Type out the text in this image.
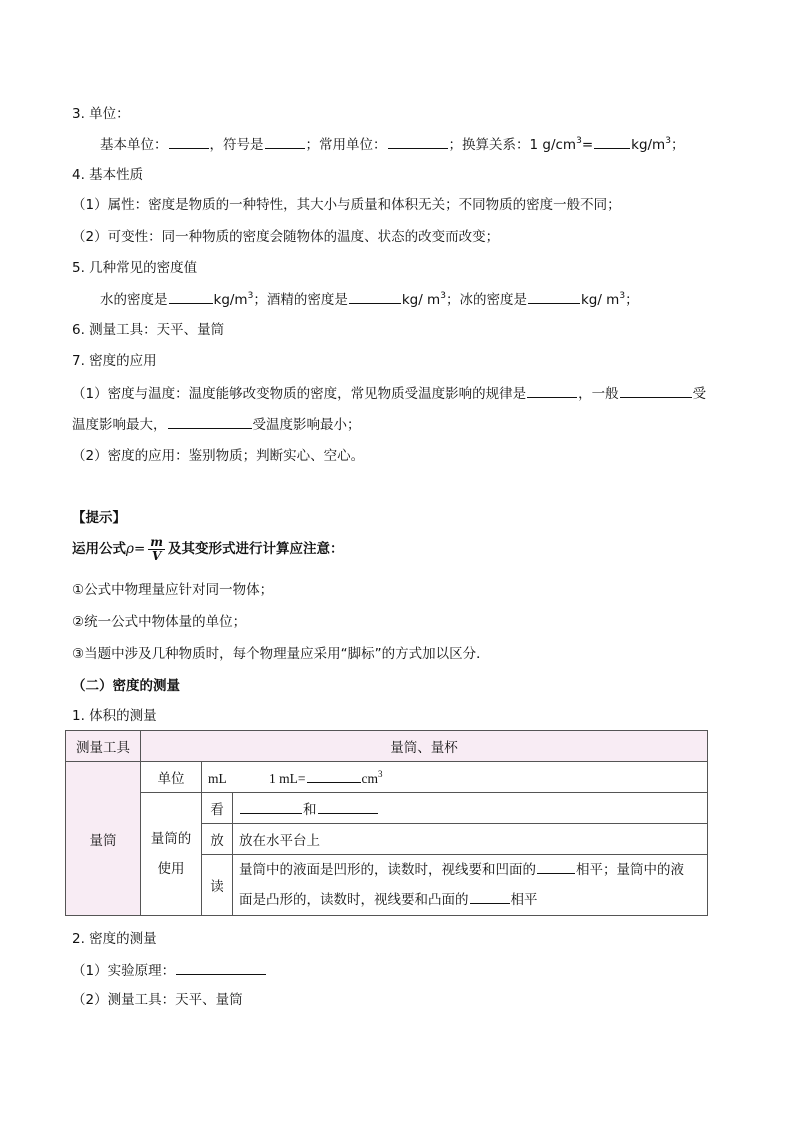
3. 单位：
基本单位：	，符号是	；常用单位：	；换算关系：1 $g/cm^3=$	$kg/m^3$；
4. 基本性质
（1）属性：密度是物质的一种特性，其大小与质量和体积无关；不同物质的密度一般不同；
（2）可变性：同一种物质的密度会随物体的温度、状态的改变而改变；
5. 几种常见的密度值
水的密度是	$kg/m^3$；酒精的密度是	kg/ $m^3$；冰的密度是	kg/ $m^3$；
6. 测量工具：天平、量筒
7. 密度的应用
（1）密度与温度：温度能够改变物质的密度，常见物质受温度影响的规律是	，一般	受
温度影响最大，	受温度影响最小；
（2）密度的应用：鉴别物质；判断实心、空心。
【提示】
运用公式$\rho= \frac{m}{V}$ 及其变形式进行计算应注意：
①公式中物理量应针对同一物体；
②统一公式中物体量的单位；
③当题中涉及几种物质时，每个物理量应采用“脚标”的方式加以区分．
（二）密度的测量
1. 体积的测量
测量工具	量筒、量杯		
量筒	单位	mL 1 $mL= cm^3$

	量筒的使用	看	和
		放	放在水平台上
		读	量筒中的液面是凹形的，读数时，视线要和凹面的 相平；量筒中的液
面是凸形的，读数时，视线要和凸面的 相平
2. 密度的测量
（1）实验原理：
（2）测量工具：天平、量筒
